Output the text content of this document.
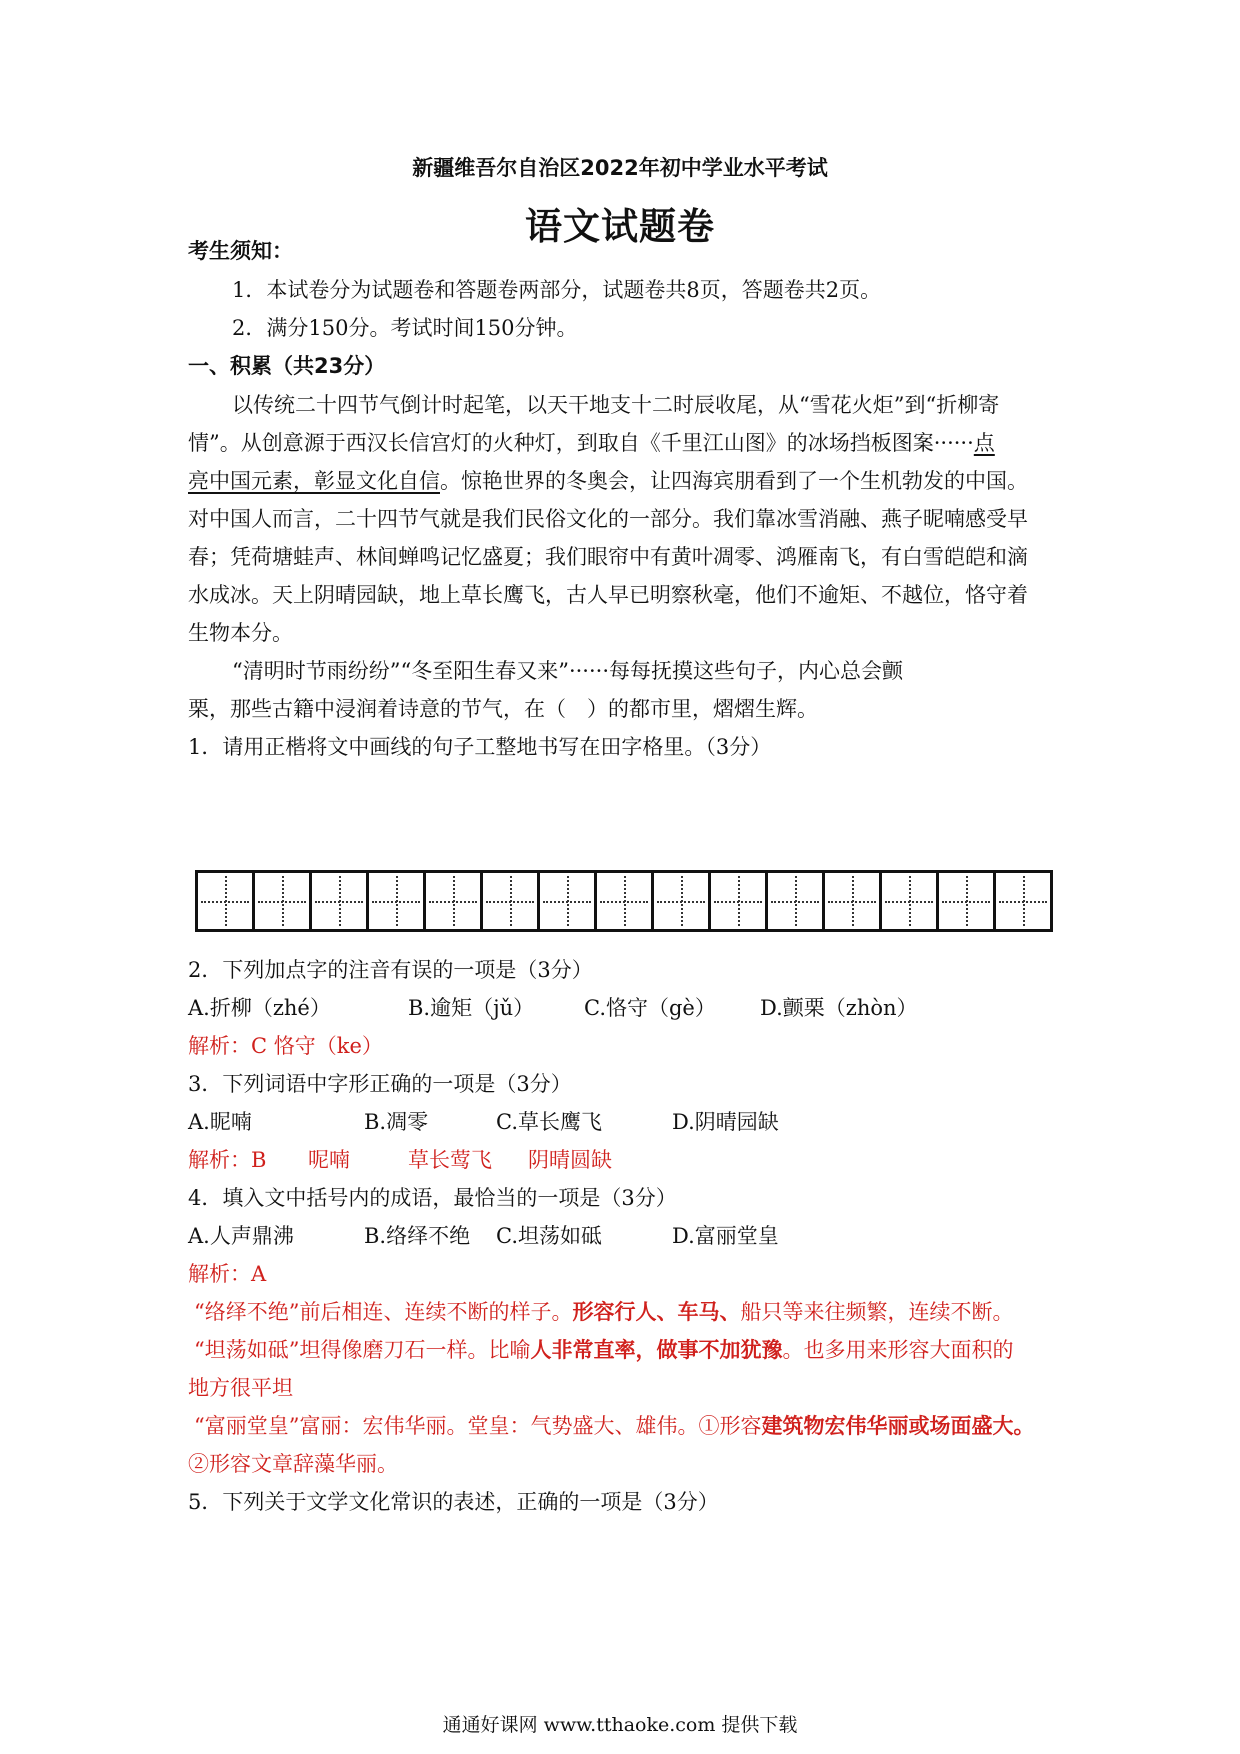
新疆维吾尔自治区2022年初中学业水平考试
语文试题卷
考生须知：
1．本试卷分为试题卷和答题卷两部分，试题卷共8页，答题卷共2页。
2．满分150分。考试时间150分钟。
一、积累（共23分）
以传统二十四节气倒计时起笔，以天干地支十二时辰收尾，从“雪花火炬”到“折柳寄
情”。从创意源于西汉长信宫灯的火种灯，到取自《千里江山图》的冰场挡板图案······点
亮中国元素，彰显文化自信。惊艳世界的冬奥会，让四海宾朋看到了一个生机勃发的中国。
对中国人而言，二十四节气就是我们民俗文化的一部分。我们靠冰雪消融、燕子昵喃感受早
春；凭荷塘蛙声、林间蝉鸣记忆盛夏；我们眼帘中有黄叶凋零、鸿雁南飞，有白雪皑皑和滴
水成冰。天上阴晴园缺，地上草长鹰飞，古人早已明察秋毫，他们不逾矩、不越位，恪守着
生物本分。
“清明时节雨纷纷”“冬至阳生春又来”······每每抚摸这些句子，内心总会颤
栗，那些古籍中浸润着诗意的节气，在（　）的都市里，熠熠生辉。
1．请用正楷将文中画线的句子工整地书写在田字格里。（3分）
2．下列加点字的注音有误的一项是（3分）
A.折柳（zhé）	B.逾矩（jǔ） C.恪守（gè） D.颤栗（zhòn）
解析：C 恪守（ke）
3．下列词语中字形正确的一项是（3分）
A.昵喃	B.凋零	C.草长鹰飞	D.阴晴园缺
解析：B 呢喃	草长莺飞 阴晴圆缺
4．填入文中括号内的成语，最恰当的一项是（3分）
A.人声鼎沸	B.络绎不绝 C.坦荡如砥	D.富丽堂皇
解析：A
“络绎不绝”前后相连、连续不断的样子。形容行人、车马、船只等来往频繁，连续不断。
“坦荡如砥”坦得像磨刀石一样。比喻人非常直率，做事不加犹豫。也多用来形容大面积的
地方很平坦
“富丽堂皇”富丽：宏伟华丽。堂皇：气势盛大、雄伟。①形容建筑物宏伟华丽或场面盛大。
②形容文章辞藻华丽。
5．下列关于文学文化常识的表述，正确的一项是（3分）
通通好课网 www.tthaoke.com 提供下载
